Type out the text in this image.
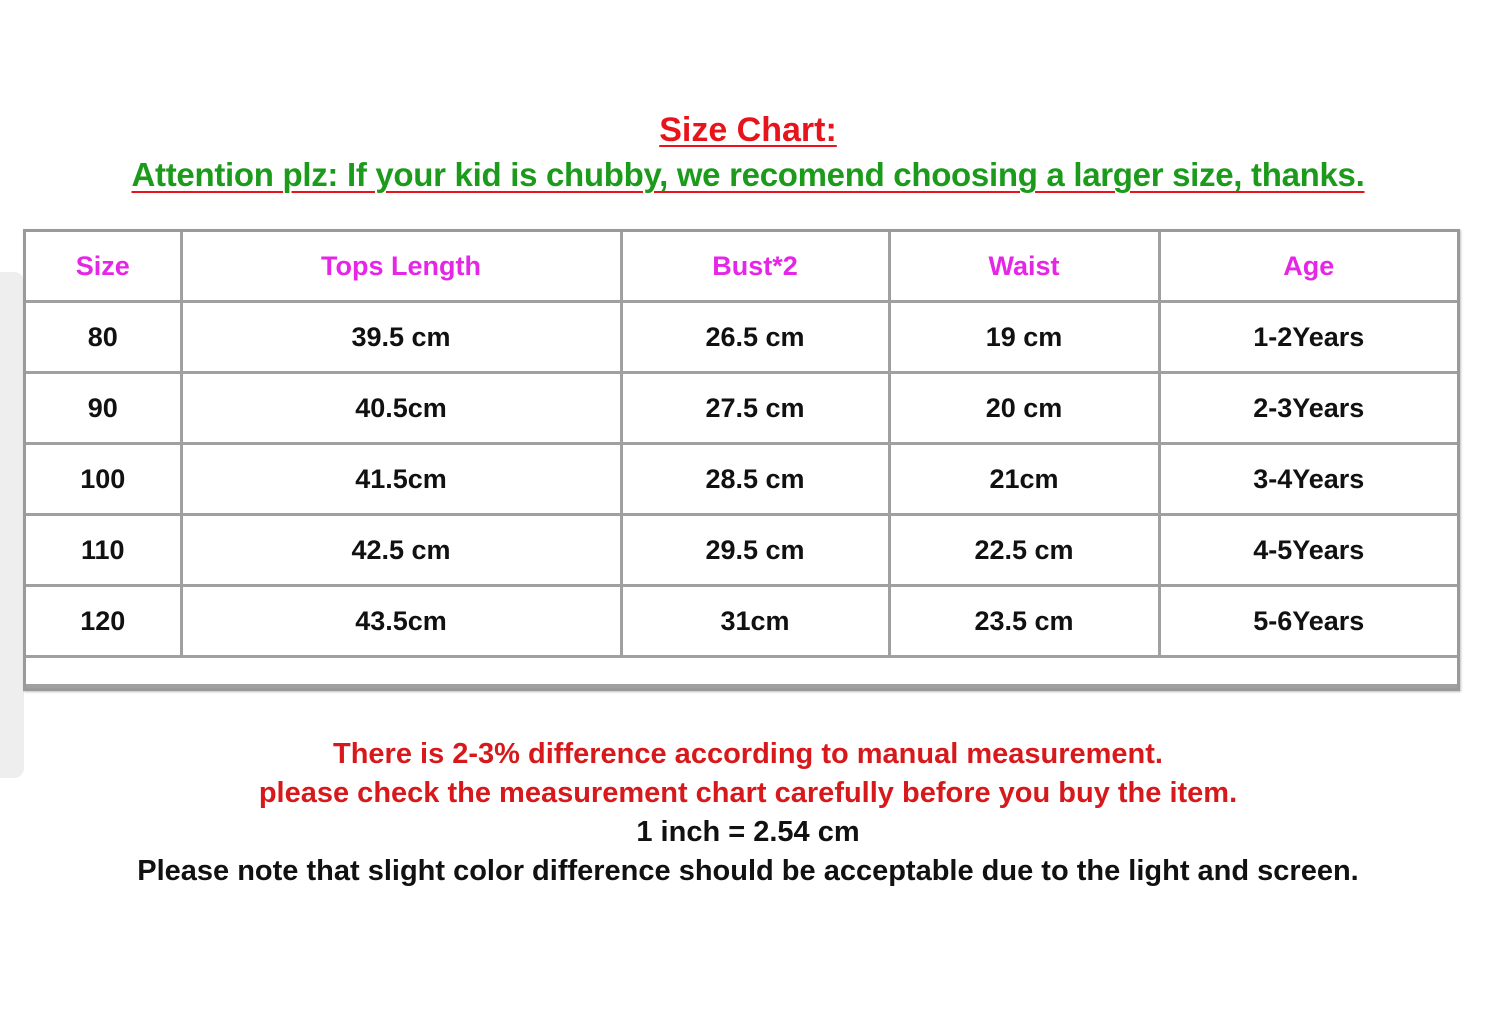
Size Chart:
Attention plz: If your kid is chubby, we recomend choosing a larger size, thanks.
Size	Tops Length	Bust*2	Waist	Age
80	39.5 cm	26.5 cm	19 cm	1-2Years
90	40.5cm	27.5 cm	20 cm	2-3Years
100	41.5cm	28.5 cm	21cm	3-4Years
110	42.5 cm	29.5 cm	22.5 cm	4-5Years
120	43.5cm	31cm	23.5 cm	5-6Years
There is 2-3% difference according to manual measurement.
please check the measurement chart carefully before you buy the item.
1 inch = 2.54 cm
Please note that slight color difference should be acceptable due to the light and screen.
